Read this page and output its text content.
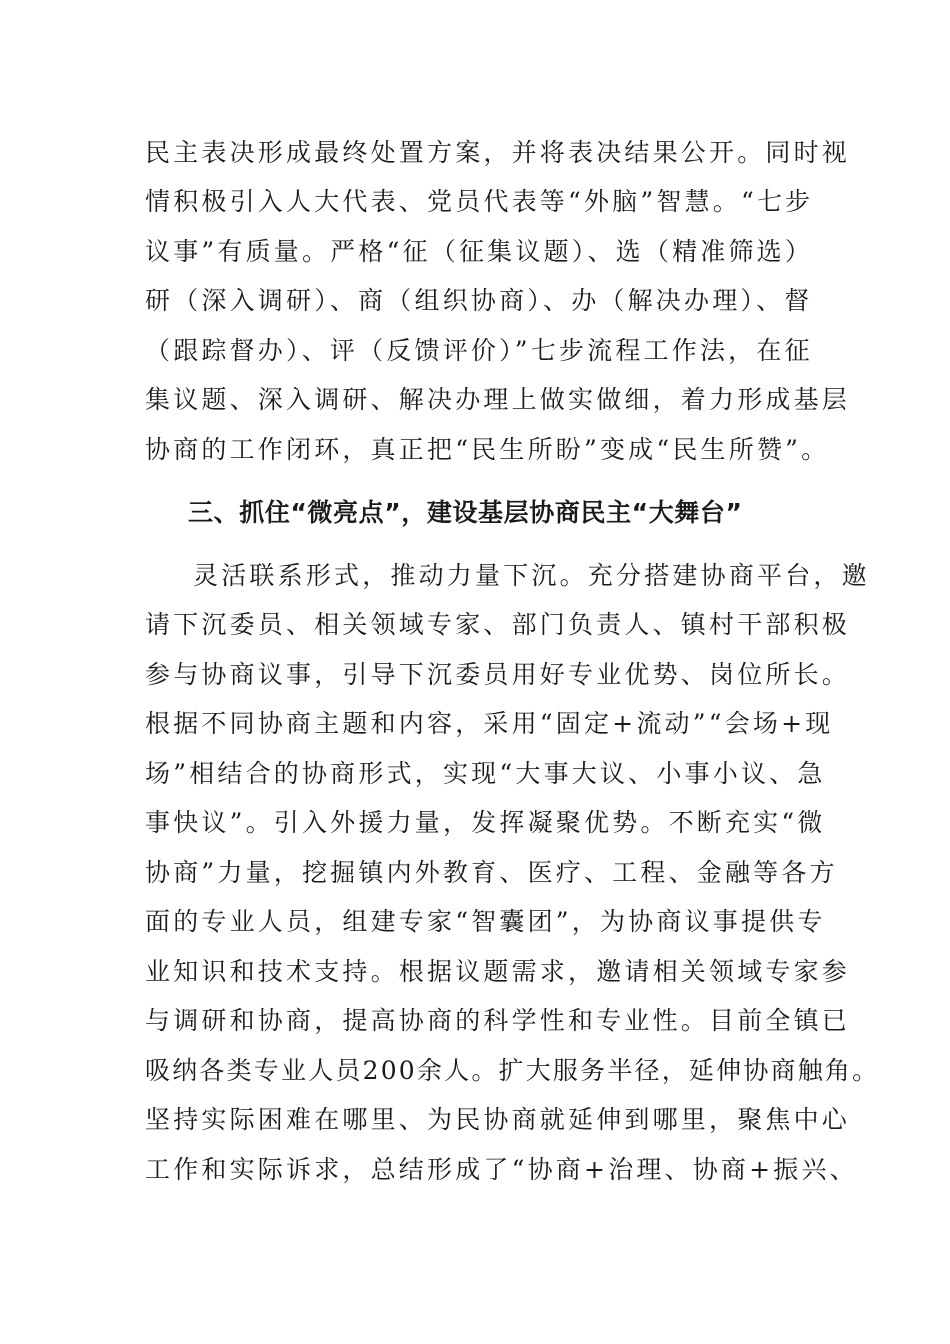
民主表决形成最终处置方案，并将表决结果公开。同时视
情积极引入人大代表、党员代表等“外脑”智慧。“七步
议事”有质量。严格“征（征集议题）、选（精准筛选）
研（深入调研）、商（组织协商）、办（解决办理）、督
（跟踪督办）、评（反馈评价）”七步流程工作法，在征
集议题、深入调研、解决办理上做实做细，着力形成基层
协商的工作闭环，真正把“民生所盼”变成“民生所赞”。
三、抓住“微亮点”，建设基层协商民主“大舞台”
灵活联系形式，推动力量下沉。充分搭建协商平台，邀
请下沉委员、相关领域专家、部门负责人、镇村干部积极
参与协商议事，引导下沉委员用好专业优势、岗位所长。
根据不同协商主题和内容，采用“固定+流动”“会场+现
场”相结合的协商形式，实现“大事大议、小事小议、急
事快议”。引入外援力量，发挥凝聚优势。不断充实“微
协商”力量，挖掘镇内外教育、医疗、工程、金融等各方
面的专业人员，组建专家“智囊团”，为协商议事提供专
业知识和技术支持。根据议题需求，邀请相关领域专家参
与调研和协商，提高协商的科学性和专业性。目前全镇已
吸纳各类专业人员200余人。扩大服务半径，延伸协商触角。
坚持实际困难在哪里、为民协商就延伸到哪里，聚焦中心
工作和实际诉求，总结形成了“协商+治理、协商+振兴、
